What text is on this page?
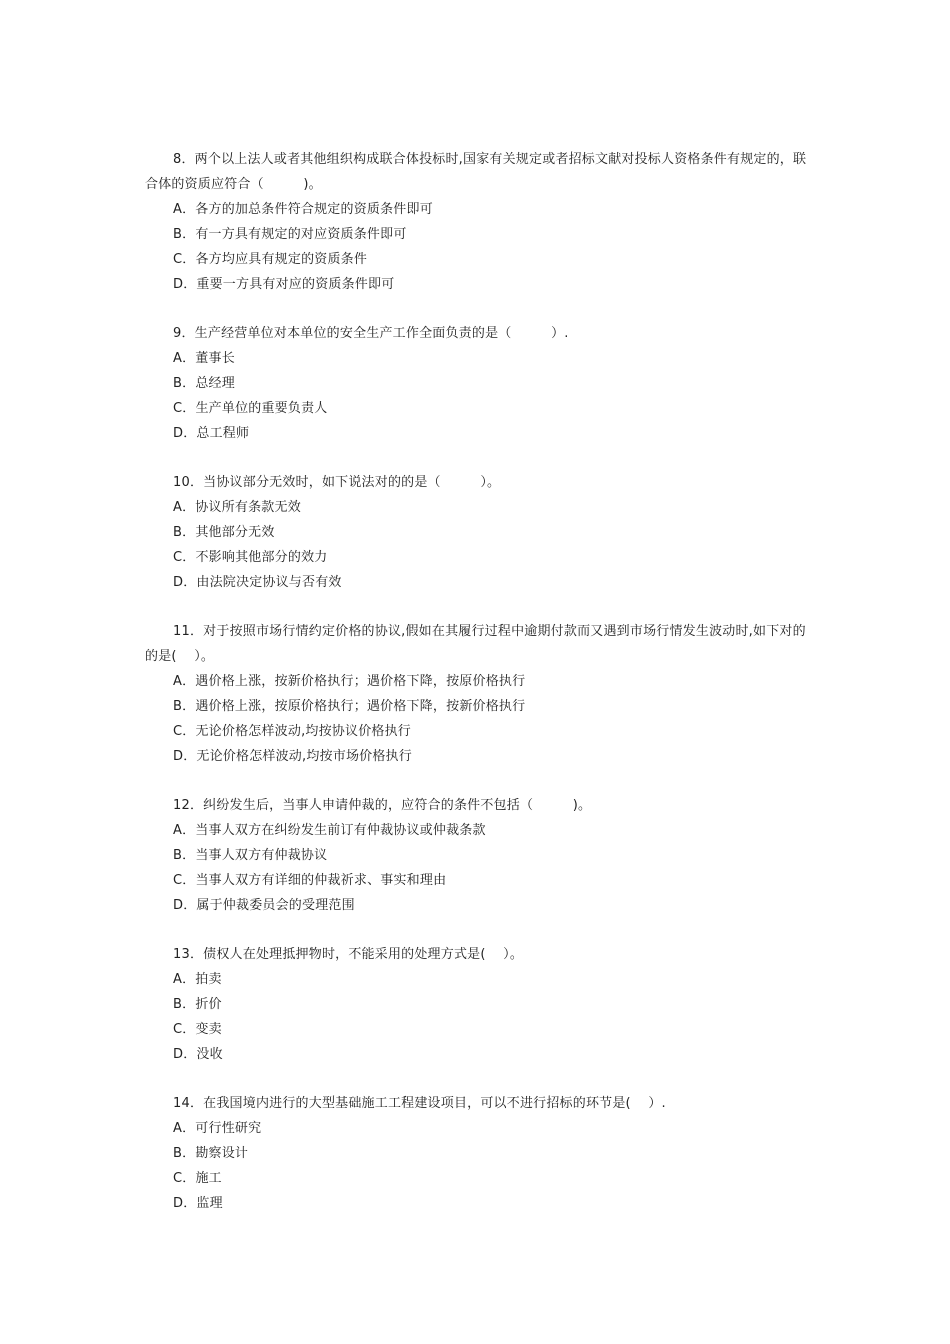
8．两个以上法人或者其他组织构成联合体投标时,国家有关规定或者招标文献对投标人资格条件有规定的，联合体的资质应符合（　　　)。

A．各方的加总条件符合规定的资质条件即可

B．有一方具有规定的对应资质条件即可

C．各方均应具有规定的资质条件

D．重要一方具有对应的资质条件即可

9．生产经营单位对本单位的安全生产工作全面负责的是（　　　）.

A．董事长

B．总经理

C．生产单位的重要负责人

D．总工程师

10．当协议部分无效时，如下说法对的的是（　　　）。

A．协议所有条款无效

B．其他部分无效

C．不影响其他部分的效力

D．由法院决定协议与否有效

11．对于按照市场行情约定价格的协议,假如在其履行过程中逾期付款而又遇到市场行情发生波动时,如下对的的是(　 ）。

A．遇价格上涨，按新价格执行；遇价格下降，按原价格执行

B．遇价格上涨，按原价格执行；遇价格下降，按新价格执行

C．无论价格怎样波动,均按协议价格执行

D．无论价格怎样波动,均按市场价格执行

12．纠纷发生后，当事人申请仲裁的，应符合的条件不包括（　　　)。

A．当事人双方在纠纷发生前订有仲裁协议或仲裁条款

B．当事人双方有仲裁协议

C．当事人双方有详细的仲裁祈求、事实和理由

D．属于仲裁委员会的受理范围

13．债权人在处理抵押物时，不能采用的处理方式是(　 ）。

A．拍卖

B．折价

C．变卖

D．没收

14．在我国境内进行的大型基础施工工程建设项目，可以不进行招标的环节是(　 ）.

A．可行性研究

B．勘察设计

C．施工

D．监理
